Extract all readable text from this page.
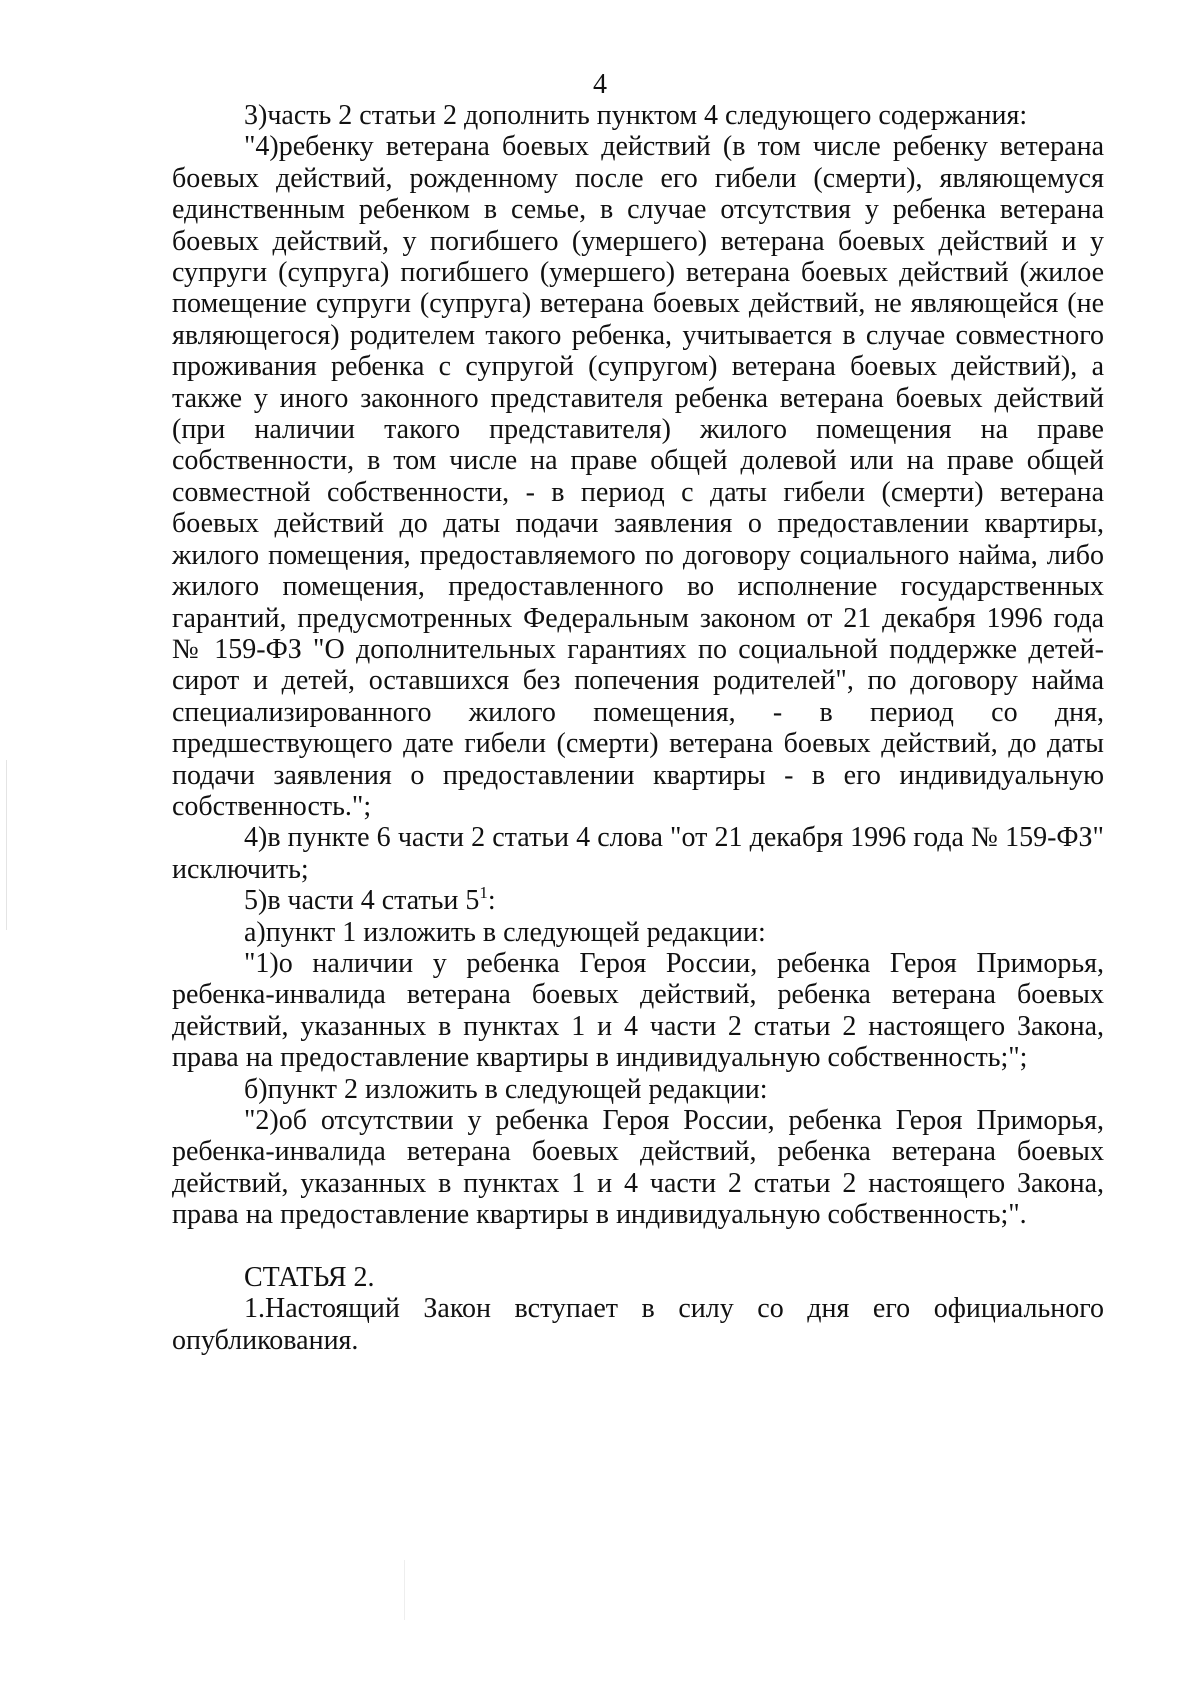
4

3)часть 2 статьи 2 дополнить пунктом 4 следующего содержания:

"4)ребенку ветерана боевых действий (в том числе ребенку ветерана боевых действий, рожденному после его гибели (смерти), являющемуся единственным ребенком в семье, в случае отсутствия у ребенка ветерана боевых действий, у погибшего (умершего) ветерана боевых действий и у супруги (супруга) погибшего (умершего) ветерана боевых действий (жилое помещение супруги (супруга) ветерана боевых действий, не являющейся (не являющегося) родителем такого ребенка, учитывается в случае совместного проживания ребенка с супругой (супругом) ветерана боевых действий), а также у иного законного представителя ребенка ветерана боевых действий (при наличии такого представителя) жилого помещения на праве собственности, в том числе на праве общей долевой или на праве общей совместной собственности, - в период с даты гибели (смерти) ветерана боевых действий до даты подачи заявления о предоставлении квартиры, жилого помещения, предоставляемого по договору социального найма, либо жилого помещения, предоставленного во исполнение государственных гарантий, предусмотренных Федеральным законом от 21 декабря 1996 года № 159-ФЗ "О дополнительных гарантиях по социальной поддержке детей-сирот и детей, оставшихся без попечения родителей", по договору найма специализированного жилого помещения, - в период со дня, предшествующего дате гибели (смерти) ветерана боевых действий, до даты подачи заявления о предоставлении квартиры - в его индивидуальную собственность.";

4)в пункте 6 части 2 статьи 4 слова "от 21 декабря 1996 года № 159-ФЗ" исключить;

5)в части 4 статьи $5^1$:

а)пункт 1 изложить в следующей редакции:

"1)о наличии у ребенка Героя России, ребенка Героя Приморья, ребенка-инвалида ветерана боевых действий, ребенка ветерана боевых действий, указанных в пунктах 1 и 4 части 2 статьи 2 настоящего Закона, права на предоставление квартиры в индивидуальную собственность;";

б)пункт 2 изложить в следующей редакции:

"2)об отсутствии у ребенка Героя России, ребенка Героя Приморья, ребенка-инвалида ветерана боевых действий, ребенка ветерана боевых действий, указанных в пунктах 1 и 4 части 2 статьи 2 настоящего Закона, права на предоставление квартиры в индивидуальную собственность;".

СТАТЬЯ 2.

1.Настоящий Закон вступает в силу со дня его официального опубликования.
